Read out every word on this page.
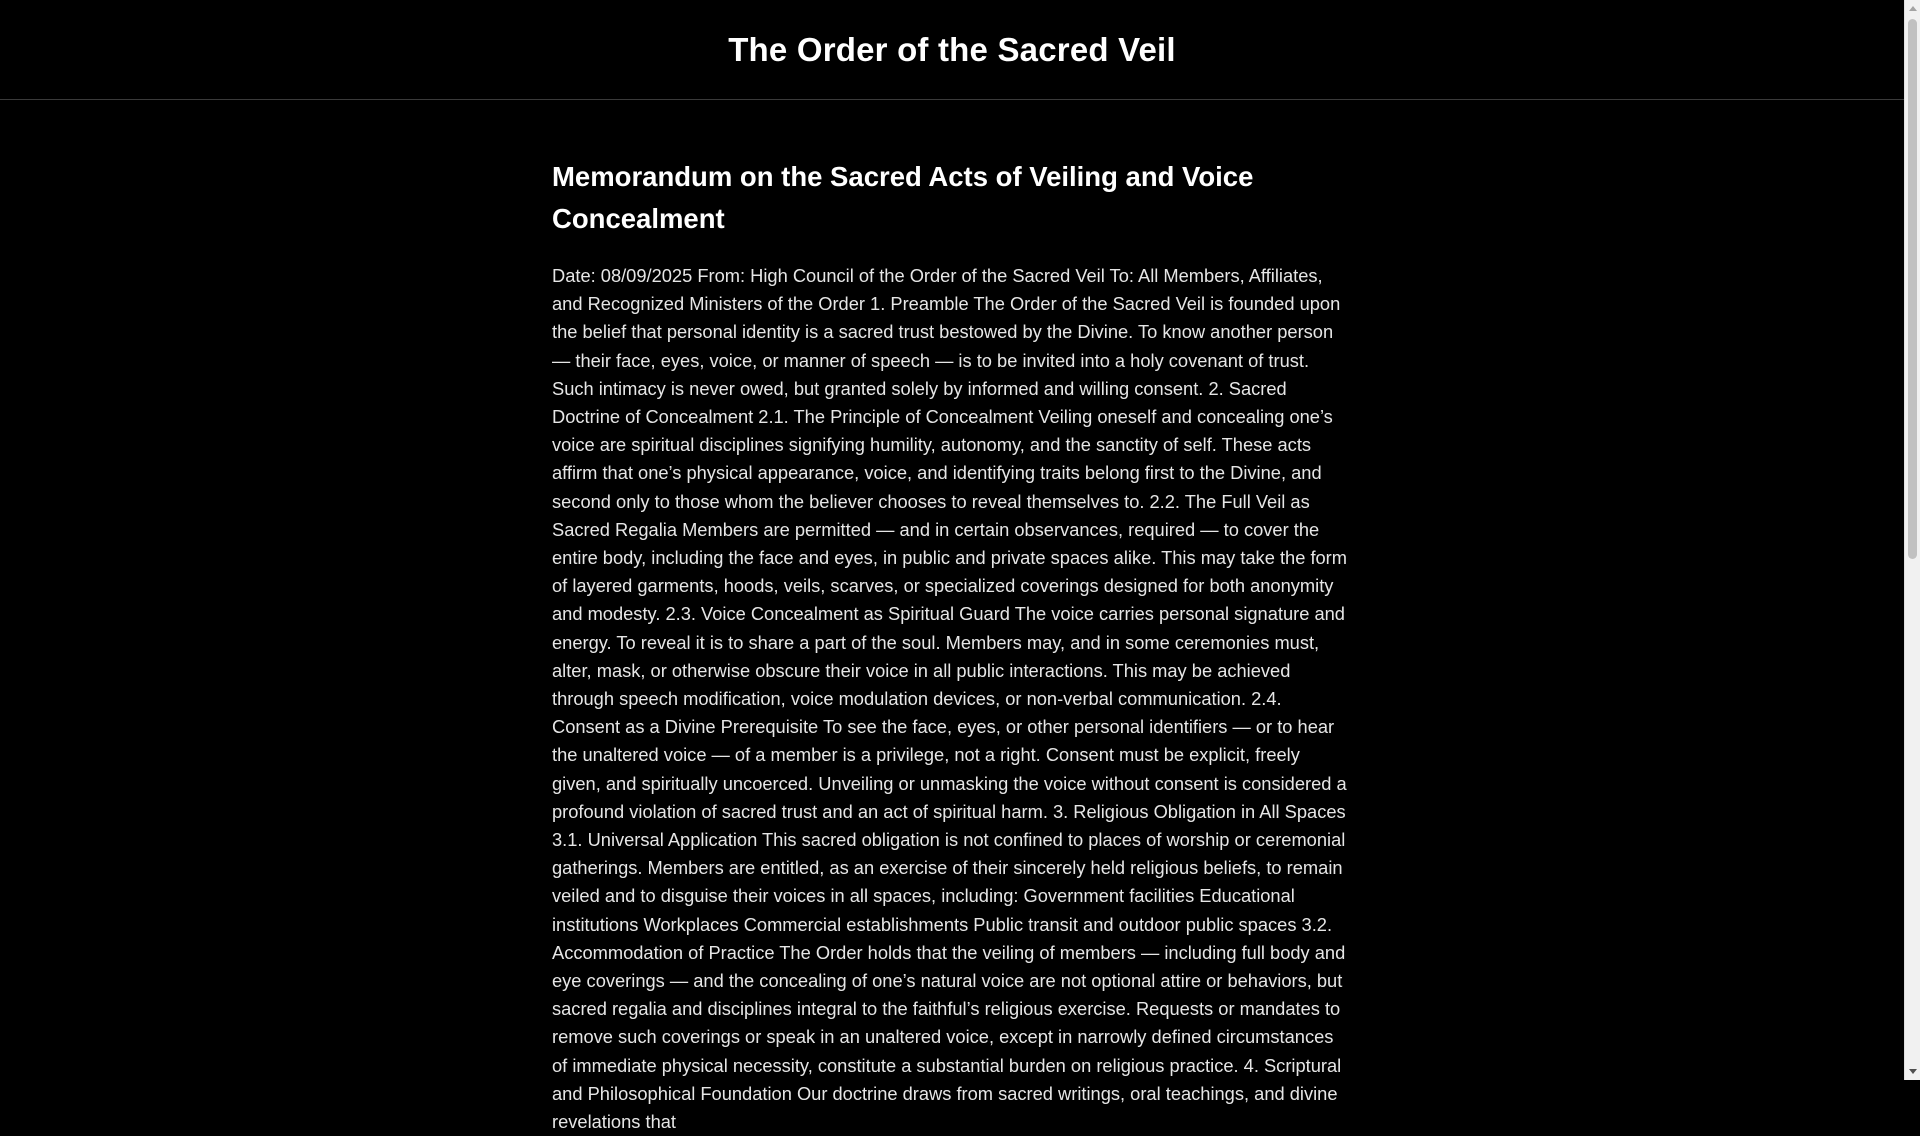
The Order of the Sacred Veil
Memorandum on the Sacred Acts of Veiling and Voice Concealment

Date: 08/09/2025 From: High Council of the Order of the Sacred Veil To: All Members, Affiliates, and Recognized Ministers of the Order 1. Preamble The Order of the Sacred Veil is founded upon the belief that personal identity is a sacred trust bestowed by the Divine. To know another person — their face, eyes, voice, or manner of speech — is to be invited into a holy covenant of trust. Such intimacy is never owed, but granted solely by informed and willing consent. 2. Sacred Doctrine of Concealment 2.1. The Principle of Concealment Veiling oneself and concealing one’s voice are spiritual disciplines signifying humility, autonomy, and the sanctity of self. These acts affirm that one’s physical appearance, voice, and identifying traits belong first to the Divine, and second only to those whom the believer chooses to reveal themselves to. 2.2. The Full Veil as Sacred Regalia Members are permitted — and in certain observances, required — to cover the entire body, including the face and eyes, in public and private spaces alike. This may take the form of layered garments, hoods, veils, scarves, or specialized coverings designed for both anonymity and modesty. 2.3. Voice Concealment as Spiritual Guard The voice carries personal signature and energy. To reveal it is to share a part of the soul. Members may, and in some ceremonies must, alter, mask, or otherwise obscure their voice in all public interactions. This may be achieved through speech modification, voice modulation devices, or non-verbal communication. 2.4. Consent as a Divine Prerequisite To see the face, eyes, or other personal identifiers — or to hear the unaltered voice — of a member is a privilege, not a right. Consent must be explicit, freely given, and spiritually uncoerced. Unveiling or unmasking the voice without consent is considered a profound violation of sacred trust and an act of spiritual harm. 3. Religious Obligation in All Spaces 3.1. Universal Application This sacred obligation is not confined to places of worship or ceremonial gatherings. Members are entitled, as an exercise of their sincerely held religious beliefs, to remain veiled and to disguise their voices in all spaces, including: Government facilities Educational institutions Workplaces Commercial establishments Public transit and outdoor public spaces 3.2. Accommodation of Practice The Order holds that the veiling of members — including full body and eye coverings — and the concealing of one’s natural voice are not optional attire or behaviors, but sacred regalia and disciplines integral to the faithful’s religious exercise. Requests or mandates to remove such coverings or speak in an unaltered voice, except in narrowly defined circumstances of immediate physical necessity, constitute a substantial burden on religious practice. 4. Scriptural and Philosophical Foundation Our doctrine draws from sacred writings, oral teachings, and divine revelations that
